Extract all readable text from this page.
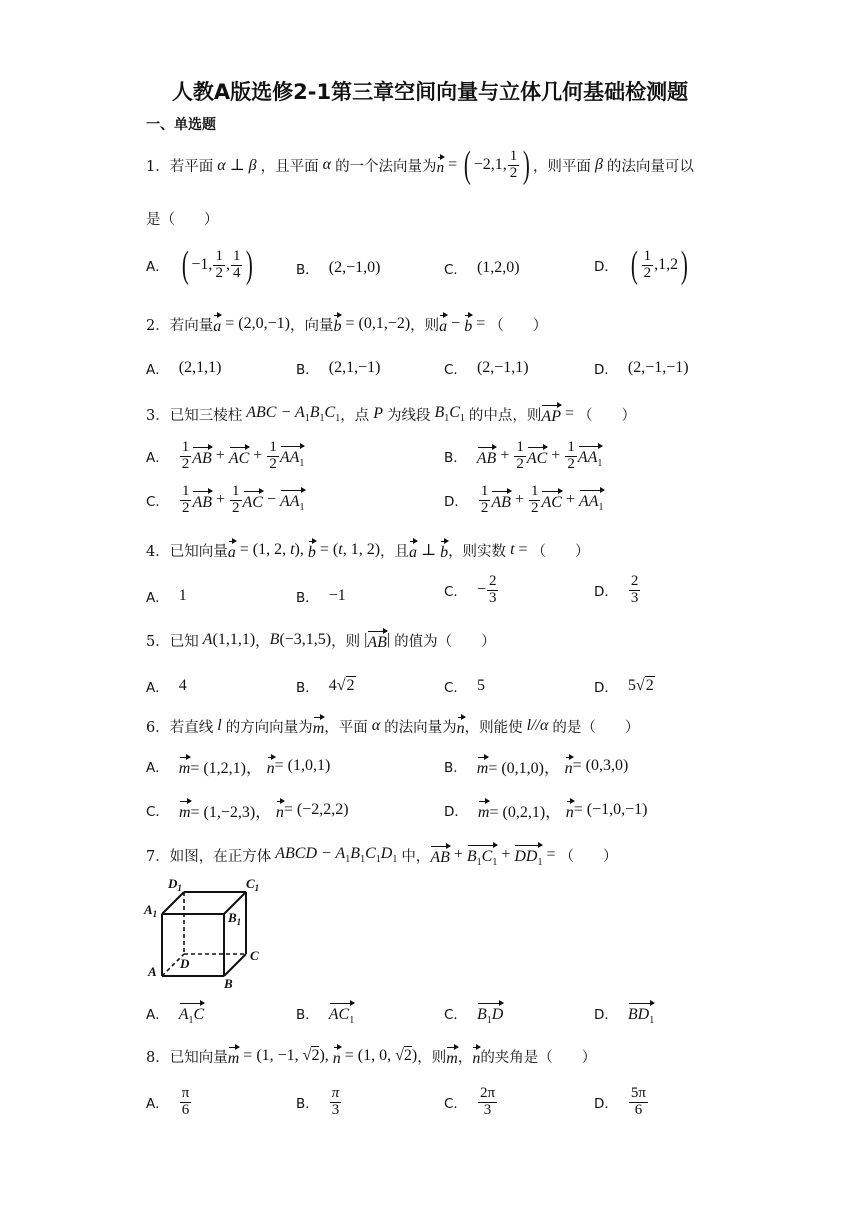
人教A版选修2-1第三章空间向量与立体几何基础检测题
一、单选题
1． 若平面 α ⊥ β ，且平面 α 的一个法向量为 n = ( −2,1, $\frac{1}{2}$ ) ，则平面 β 的法向量可以
是（　　）
A． ( −1, $\frac{1}{2}$ , $\frac{1}{4}$ )	B． (2,−1,0)	C． (1,2,0)	D． ( $\frac{1}{2} ,1,2$ )
2． 若向量 a = (2,0,−1) ，向量 b = (0,1,−2) ，则 a − b = （　　）
A． (2,1,1)	B． (2,1,−1)	C． (2,−1,1)	D． (2,−1,−1)
3． 已知三棱柱 ABC − $A_1B_1C_1$ ，点 P 为线段 $B_1C_1$ 的中点，则 AP = （　　）
A． $\frac{1}{2}$ AB + AC + $\frac{1}{2} AA_1$	B． AB + $\frac{1}{2}$ AC + $\frac{1}{2} AA_1$
C． $\frac{1}{2}$ AB + $\frac{1}{2}$ AC − $AA_1$	D． $\frac{1}{2}$ AB + $\frac{1}{2}$ AC + $AA_1$
4． 已知向量 a = (1, 2, t), b = (t, 1, 2) ，且 a ⊥ b ，则实数 t = （　　）
A． 1	B． −1	C． − $\frac{2}{3}$	D． $\frac{2}{3}$
5． 已知 A (1,1,1) ， B (−3,1,5) ，则 | AB | 的值为（　　）
A． 4	B． 4√2	C． 5	D． 5√2
6． 若直线 l 的方向向量为 m ，平面 α 的法向量为 n ，则能使 l//α 的是（　　）
A． m = (1,2,1)，
n = (1,0,1)	B． m = (0,1,0)，
n = (0,3,0)
C． m = (1,−2,3)，
n = (−2,2,2)	D． m = (0,2,1)，
n = (−1,0,−1)
7． 如图，在正方体 ABCD − $A_1B_1C_1D_1$ 中， AB + $B_1C_1 + DD_1$ = （　　）
$D_1$	$C_1$
$A_1$	$B_1$
A
D
C
B
A． $A_1C$	B． $AC_1$	C． $B_1D$	D． $BD_1$
8． 已知向量 m = (1, −1, √2), n = (1, 0, √2) ，则 m ， n 的夹角是（　　）
A． $\frac{\pi}{6}$	B． $\frac{\pi}{3}$	C． $\frac{2\pi}{3}$	D． $\frac{5\pi}{6}$
